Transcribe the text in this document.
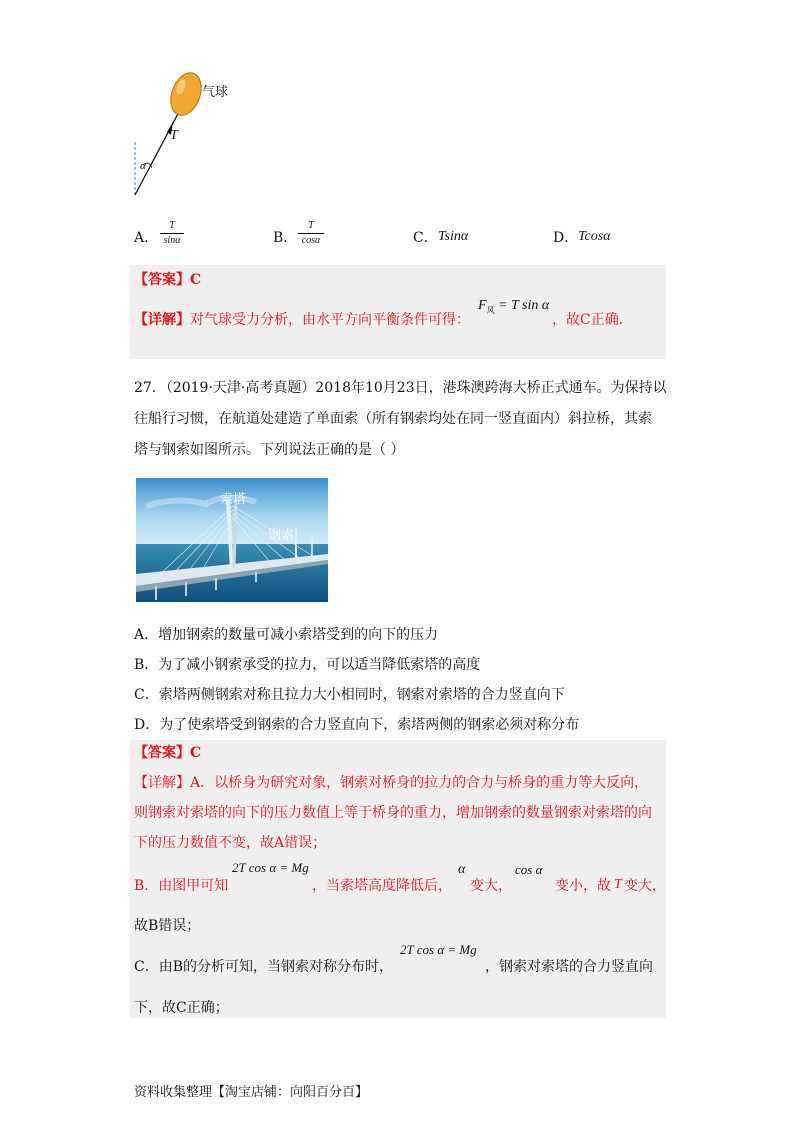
气球
T
α
A．
T
sinα	B．
T
cosα	C． Tsinα	D． Tcosα
【答案】C
【详解】 对气球受力分析，由水平方向平衡条件可得：
$F_风 = T$ sin α
，故C正确．
27．（2019·天津·高考真题）2018年10月23日，港珠澳跨海大桥正式通车。为保持以
往船行习惯，在航道处建造了单面索（所有钢索均处在同一竖直面内）斜拉桥，其索
塔与钢索如图所示。下列说法正确的是（ ）
索塔
钢索
A．增加钢索的数量可减小索塔受到的向下的压力
B．为了减小钢索承受的拉力，可以适当降低索塔的高度
C．索塔两侧钢索对称且拉力大小相同时，钢索对索塔的合力竖直向下
D．为了使索塔受到钢索的合力竖直向下，索塔两侧的钢索必须对称分布
【答案】C
【详解】A．以桥身为研究对象，钢索对桥身的拉力的合力与桥身的重力等大反向，
则钢索对索塔的向下的压力数值上等于桥身的重力，增加钢索的数量钢索对索塔的向
下的压力数值不变，故A错误；
2T cos α = Mg
B．由图甲可知	，当索塔高度降低后，
α
变大，
cos α
变小，故 T 变大，
故B错误；
2T cos α = Mg
C．由B的分析可知，当钢索对称分布时，	，钢索对索塔的合力竖直向
下，故C正确；
资料收集整理【淘宝店铺：向阳百分百】
